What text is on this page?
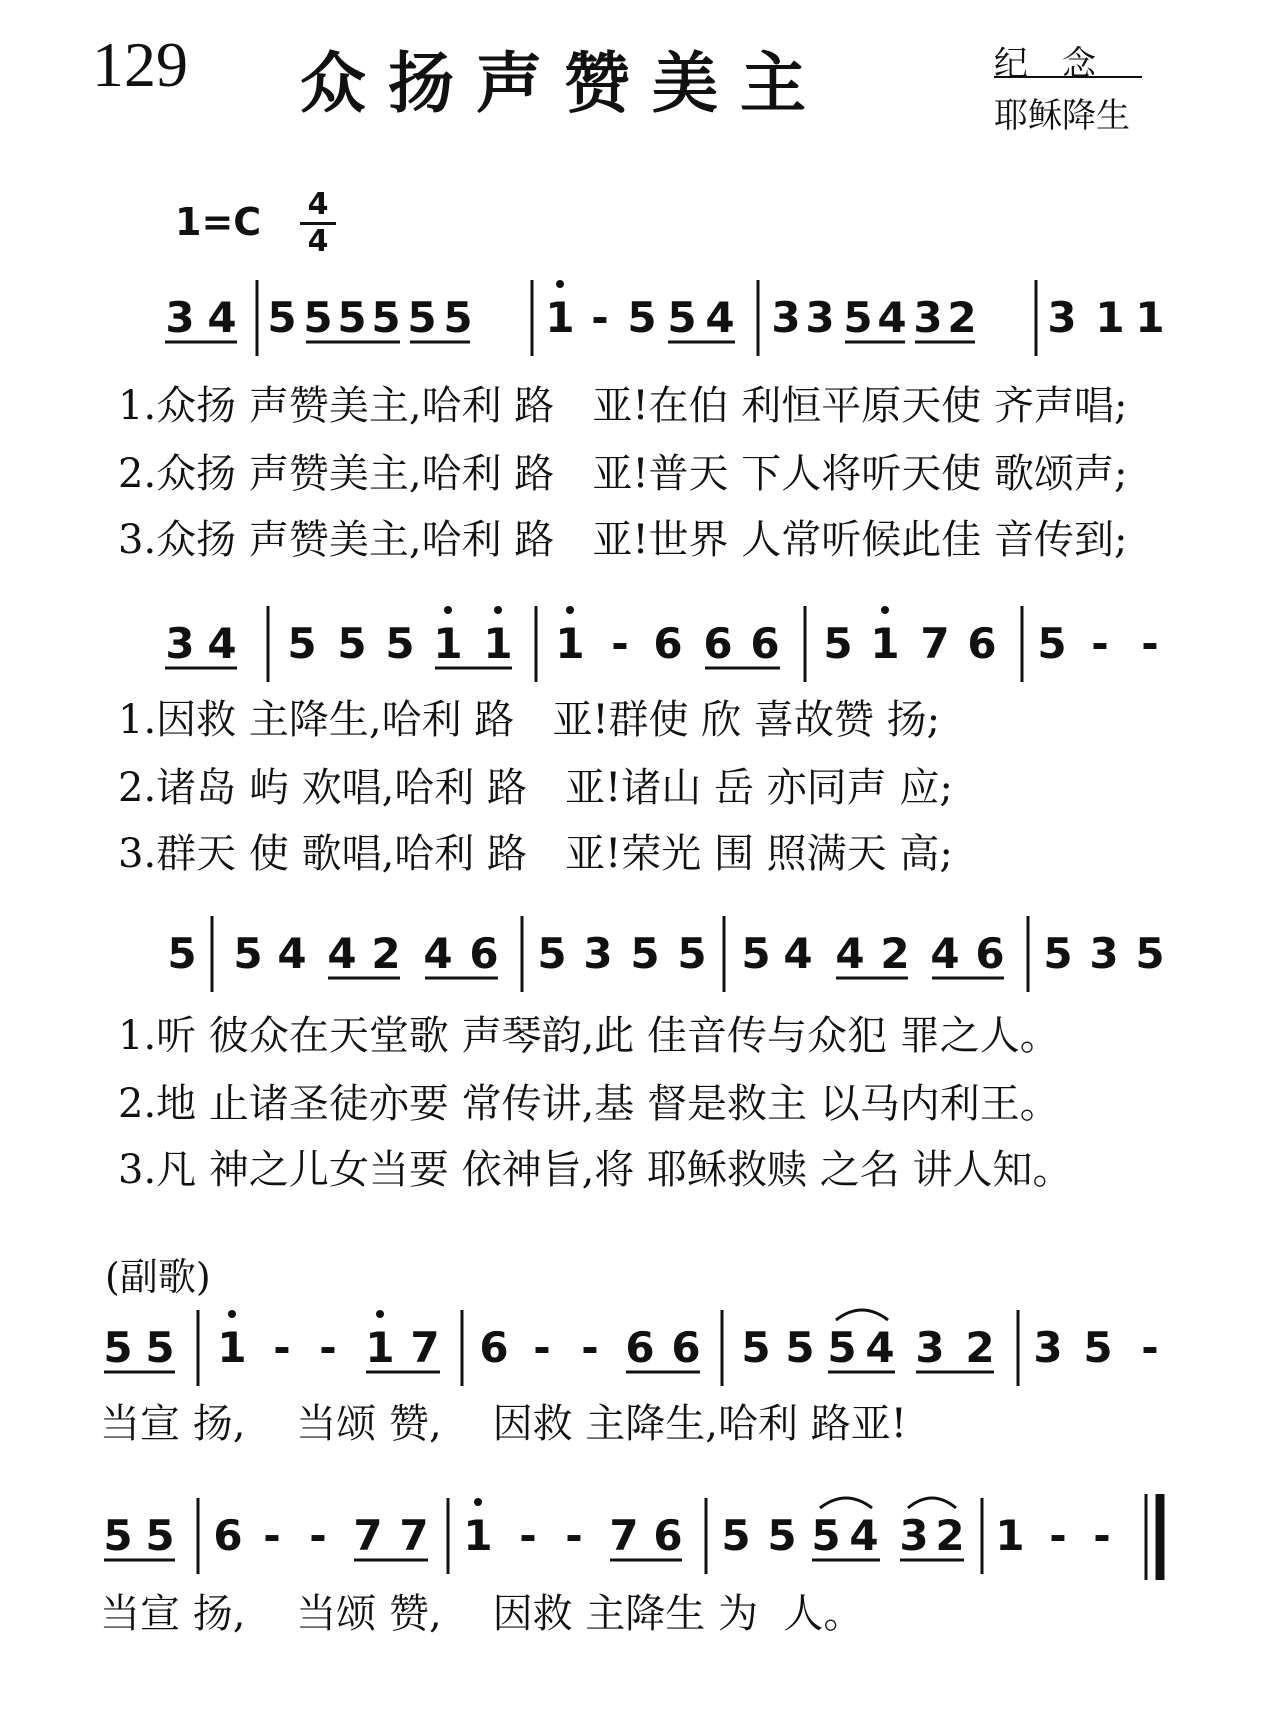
129 众扬声赞美主	纪念
耶稣降生
1=C 4
4
3 4 5 5 5 5 5 5 1 - 5 5 4 3 3 5 4 3 2 3 1 1
1.众扬 声赞美主,哈利 路   亚!在伯 利恒平原天使 齐声唱;
2.众扬 声赞美主,哈利 路   亚!普天 下人将听天使 歌颂声;
3.众扬 声赞美主,哈利 路   亚!世界 人常听候此佳 音传到;
3 4 5 5 5 1 1 1 - 6 6 6 5 1 7 6 5 - -
1.因救 主降生,哈利 路   亚!群使 欣 喜故赞 扬;
2.诸岛 屿 欢唱,哈利 路   亚!诸山 岳 亦同声 应;
3.群天 使 歌唱,哈利 路   亚!荣光 围 照满天 高;
5 5 4 4 2 4 6 5 3 5 5 5 4 4 2 4 6 5 3 5
1.听 彼众在天堂歌 声琴韵,此 佳音传与众犯 罪之人。
2.地 止诸圣徒亦要 常传讲,基 督是救主 以马内利王。
3.凡 神之儿女当要 依神旨,将 耶稣救赎 之名 讲人知。
(副歌)
5 5 1 - - 1 7 6 - - 6 6 5 5 5 4 3 2 3 5 -
当宣 扬,    当颂 赞,    因救 主降生,哈利 路亚!
5 5 6 - - 7 7 1 - - 7 6 5 5 5 4 3 2 1 - -
当宣 扬,    当颂 赞,    因救 主降生 为  人。
